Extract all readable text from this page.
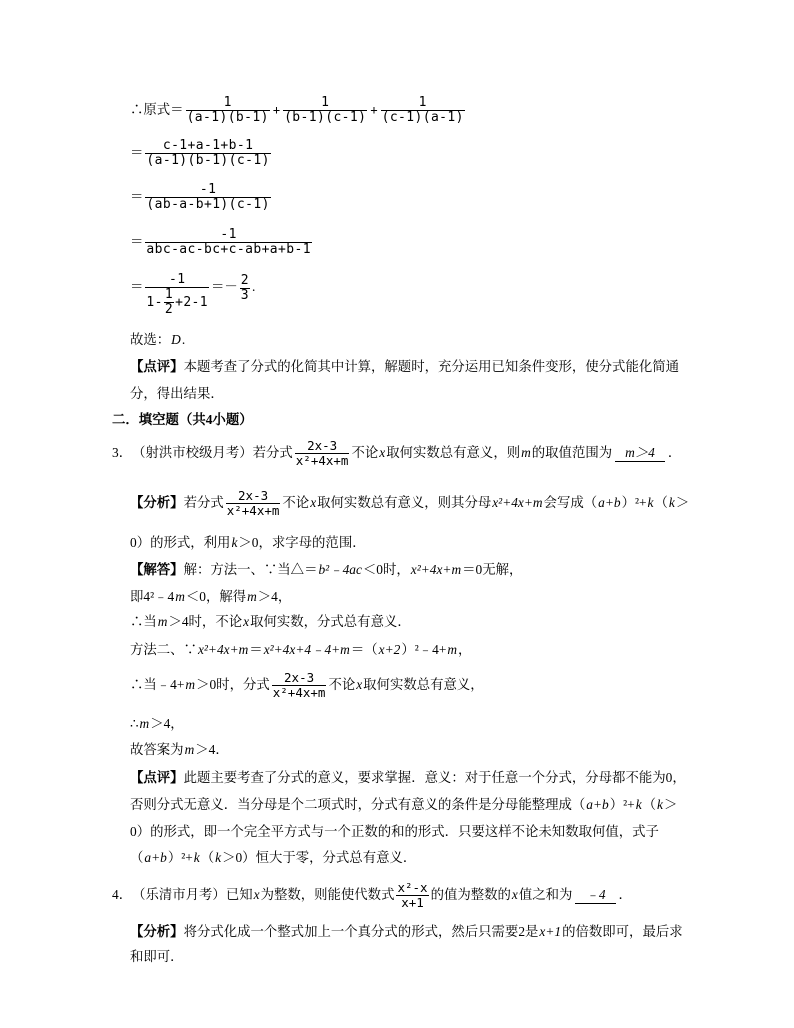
∴原式＝ $\frac{1}{(a-1)(b-1)} + \frac{1}{(b-1)(c-1)} + \frac{1}{(c-1)(a-1)}$
＝ $\frac{c-1+a-1+b-1}{(a-1)(b-1)(c-1)}$
＝ $\frac{-1}{(ab-a-b+1)(c-1)}$
＝ $\frac{-1}{\text{abc-ac-bc+c-ab+a+b-1}}$
＝ $\frac{-1}{1- \frac{1}{2} +2-1} =- \frac{2}{3}$ .
故选： D .
【点评】 本题考查了分式的化简其中计算，解题时，充分运用已知条件变形，使分式能化简通
分，得出结果．
二．填空题（共4小题）
3． （射洪市校级月考）若分式 $\frac{2x-3}{\text{x²+4x+m}}$ 不论 x 取何实数总有意义，则 m 的取值范围为 m＞4 ．
【分析】 若分式 $\frac{2x-3}{\text{x²+4x+m}}$ 不论 x 取何实数总有意义，则其分母 x²+4x+m 会写成（ a+b ）²+ k （ k ＞
0）的形式，利用 k ＞0，求字母的范围．
【解答】 解：方法一、∵当△＝ b²﹣4ac ＜0时， x²+4x+m ＝0无解，
即4²﹣4 m ＜0，解得 m ＞4，
∴当 m ＞4时，不论 x 取何实数，分式总有意义．
方法二、∵ x²+4x+m ＝ x²+4x+4﹣4+m ＝（ x+2 ）²﹣4+ m ，
∴当﹣4+ m ＞0时，分式 $\frac{2x-3}{\text{x²+4x+m}}$ 不论 x 取何实数总有意义，
∴ m ＞4，
故答案为 m ＞4．
【点评】 此题主要考查了分式的意义，要求掌握．意义：对于任意一个分式，分母都不能为0，
否则分式无意义．当分母是个二项式时，分式有意义的条件是分母能整理成（ a+b ）²+ k （ k ＞
0）的形式，即一个完全平方式与一个正数的和的形式．只要这样不论未知数取何值，式子
（ a+b ）²+ k （ k ＞0）恒大于零，分式总有意义．
4． （乐清市月考）已知 x 为整数，则能使代数式 $\frac{\text{x²-x}}{x+1}$ 的值为整数的 x 值之和为 ﹣4 ．
【分析】 将分式化成一个整式加上一个真分式的形式，然后只需要2是 x+1 的倍数即可，最后求
和即可．
